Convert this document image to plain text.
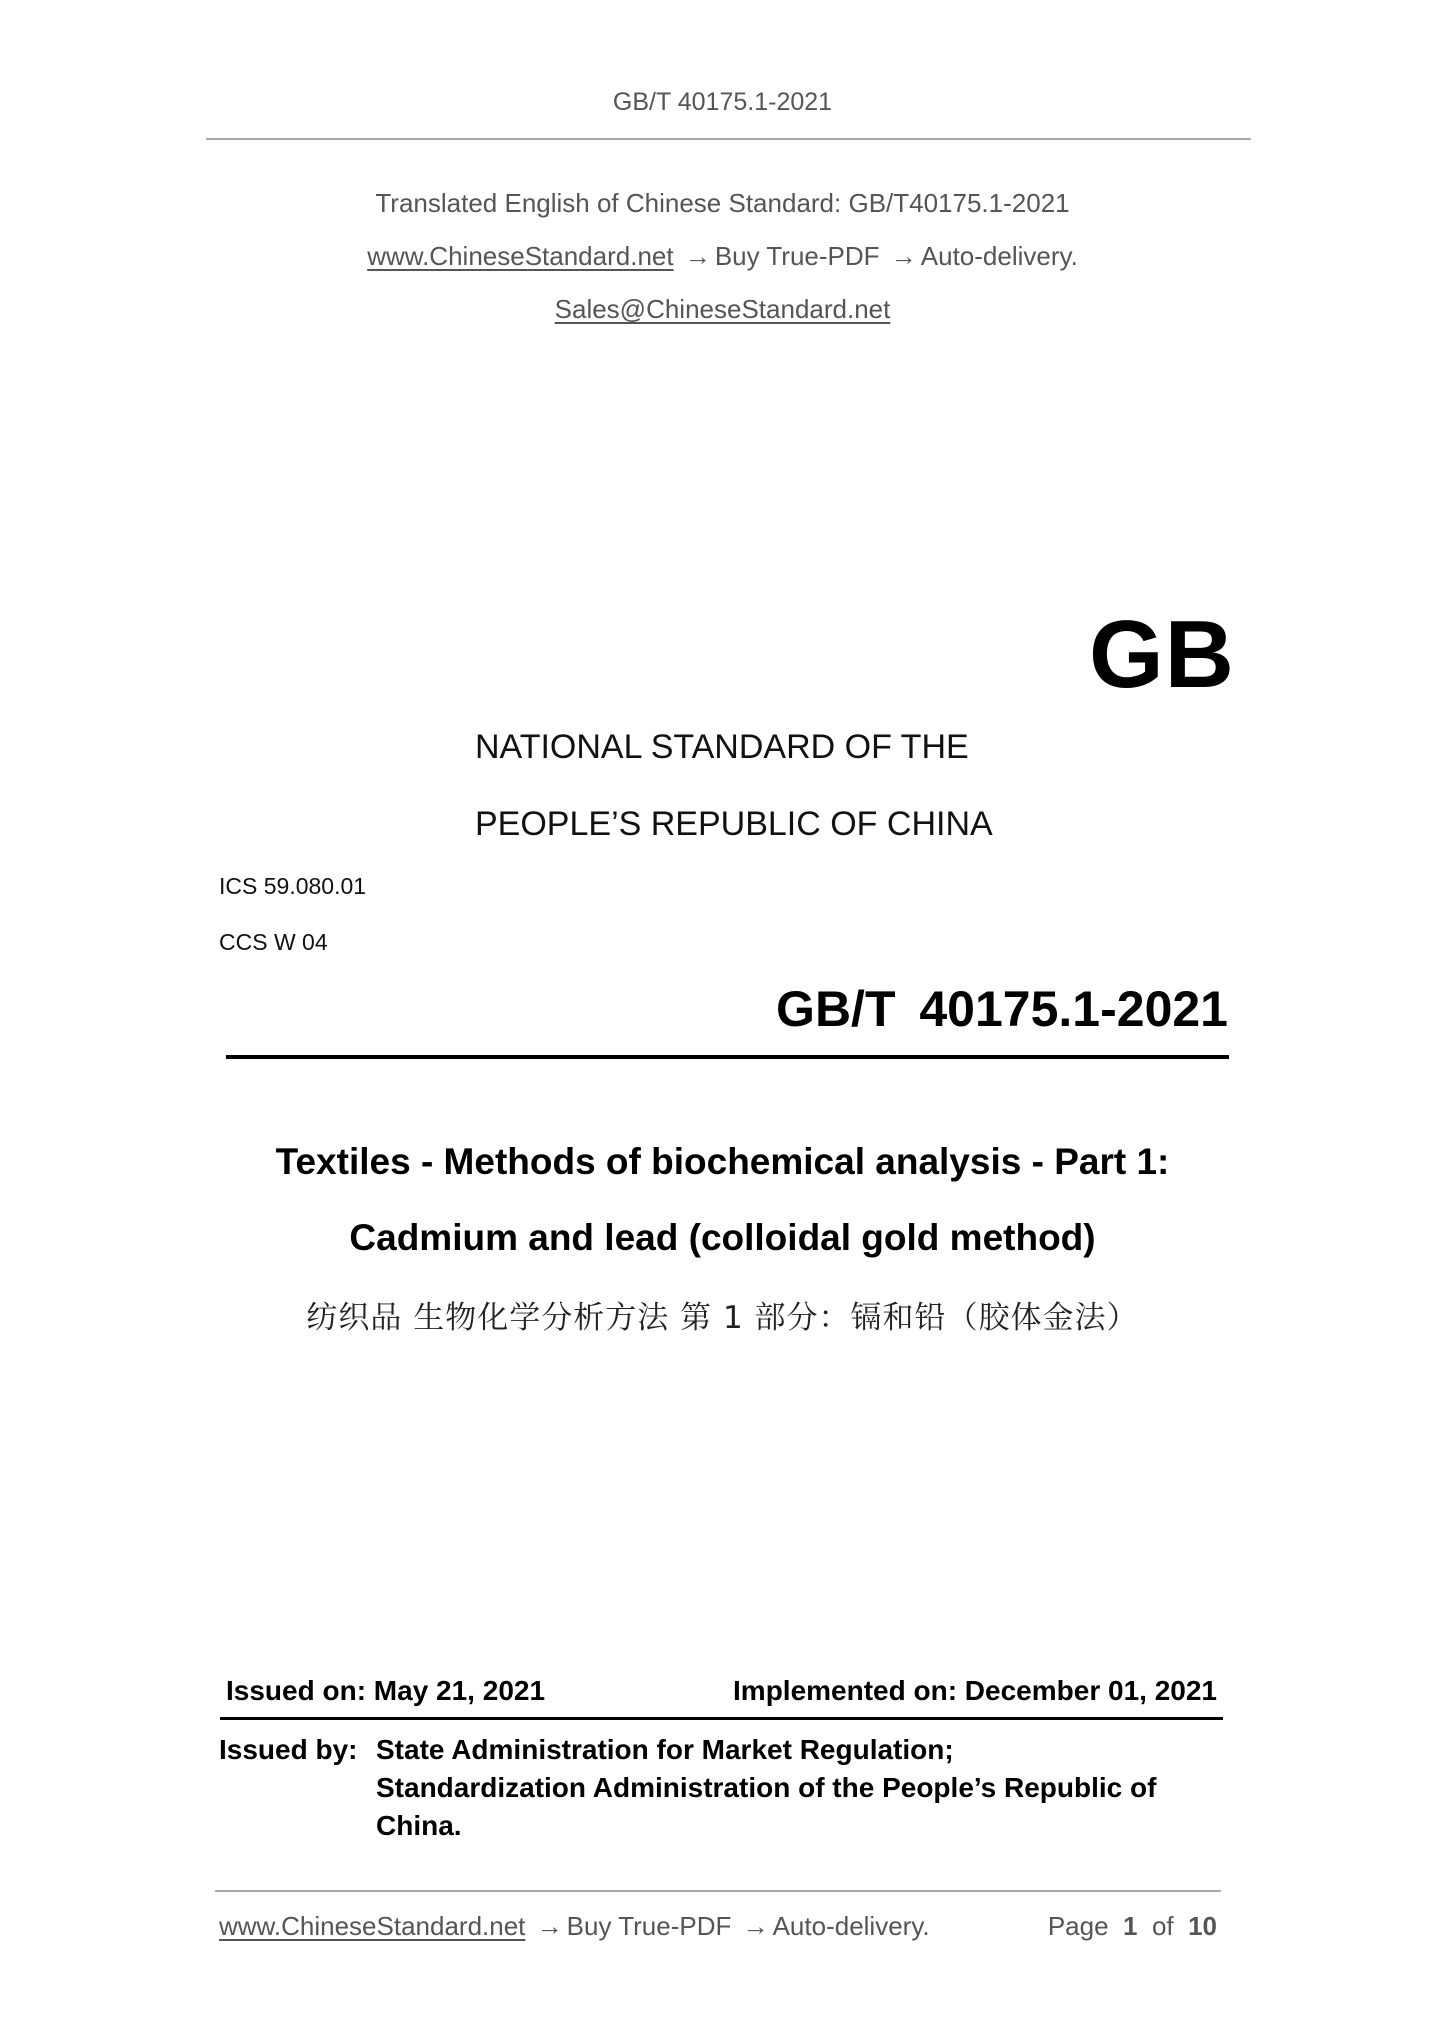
GB/T 40175.1-2021
Translated English of Chinese Standard: GB/T40175.1-2021
www.ChineseStandard.net → Buy True-PDF → Auto-delivery.
Sales@ChineseStandard.net
GB
NATIONAL STANDARD OF THE
PEOPLE’S REPUBLIC OF CHINA
ICS 59.080.01
CCS W 04
GB/T 40175.1-2021
Textiles - Methods of biochemical analysis - Part 1:
Cadmium and lead (colloidal gold method)
纺织品 生物化学分析方法 第 1 部分：镉和铅（胶体金法）
Issued on: May 21, 2021	Implemented on: December 01, 2021
Issued by: State Administration for Market Regulation;
Standardization Administration of the People’s Republic of
China.
www.ChineseStandard.net → Buy True-PDF → Auto-delivery.	Page 1 of 10
